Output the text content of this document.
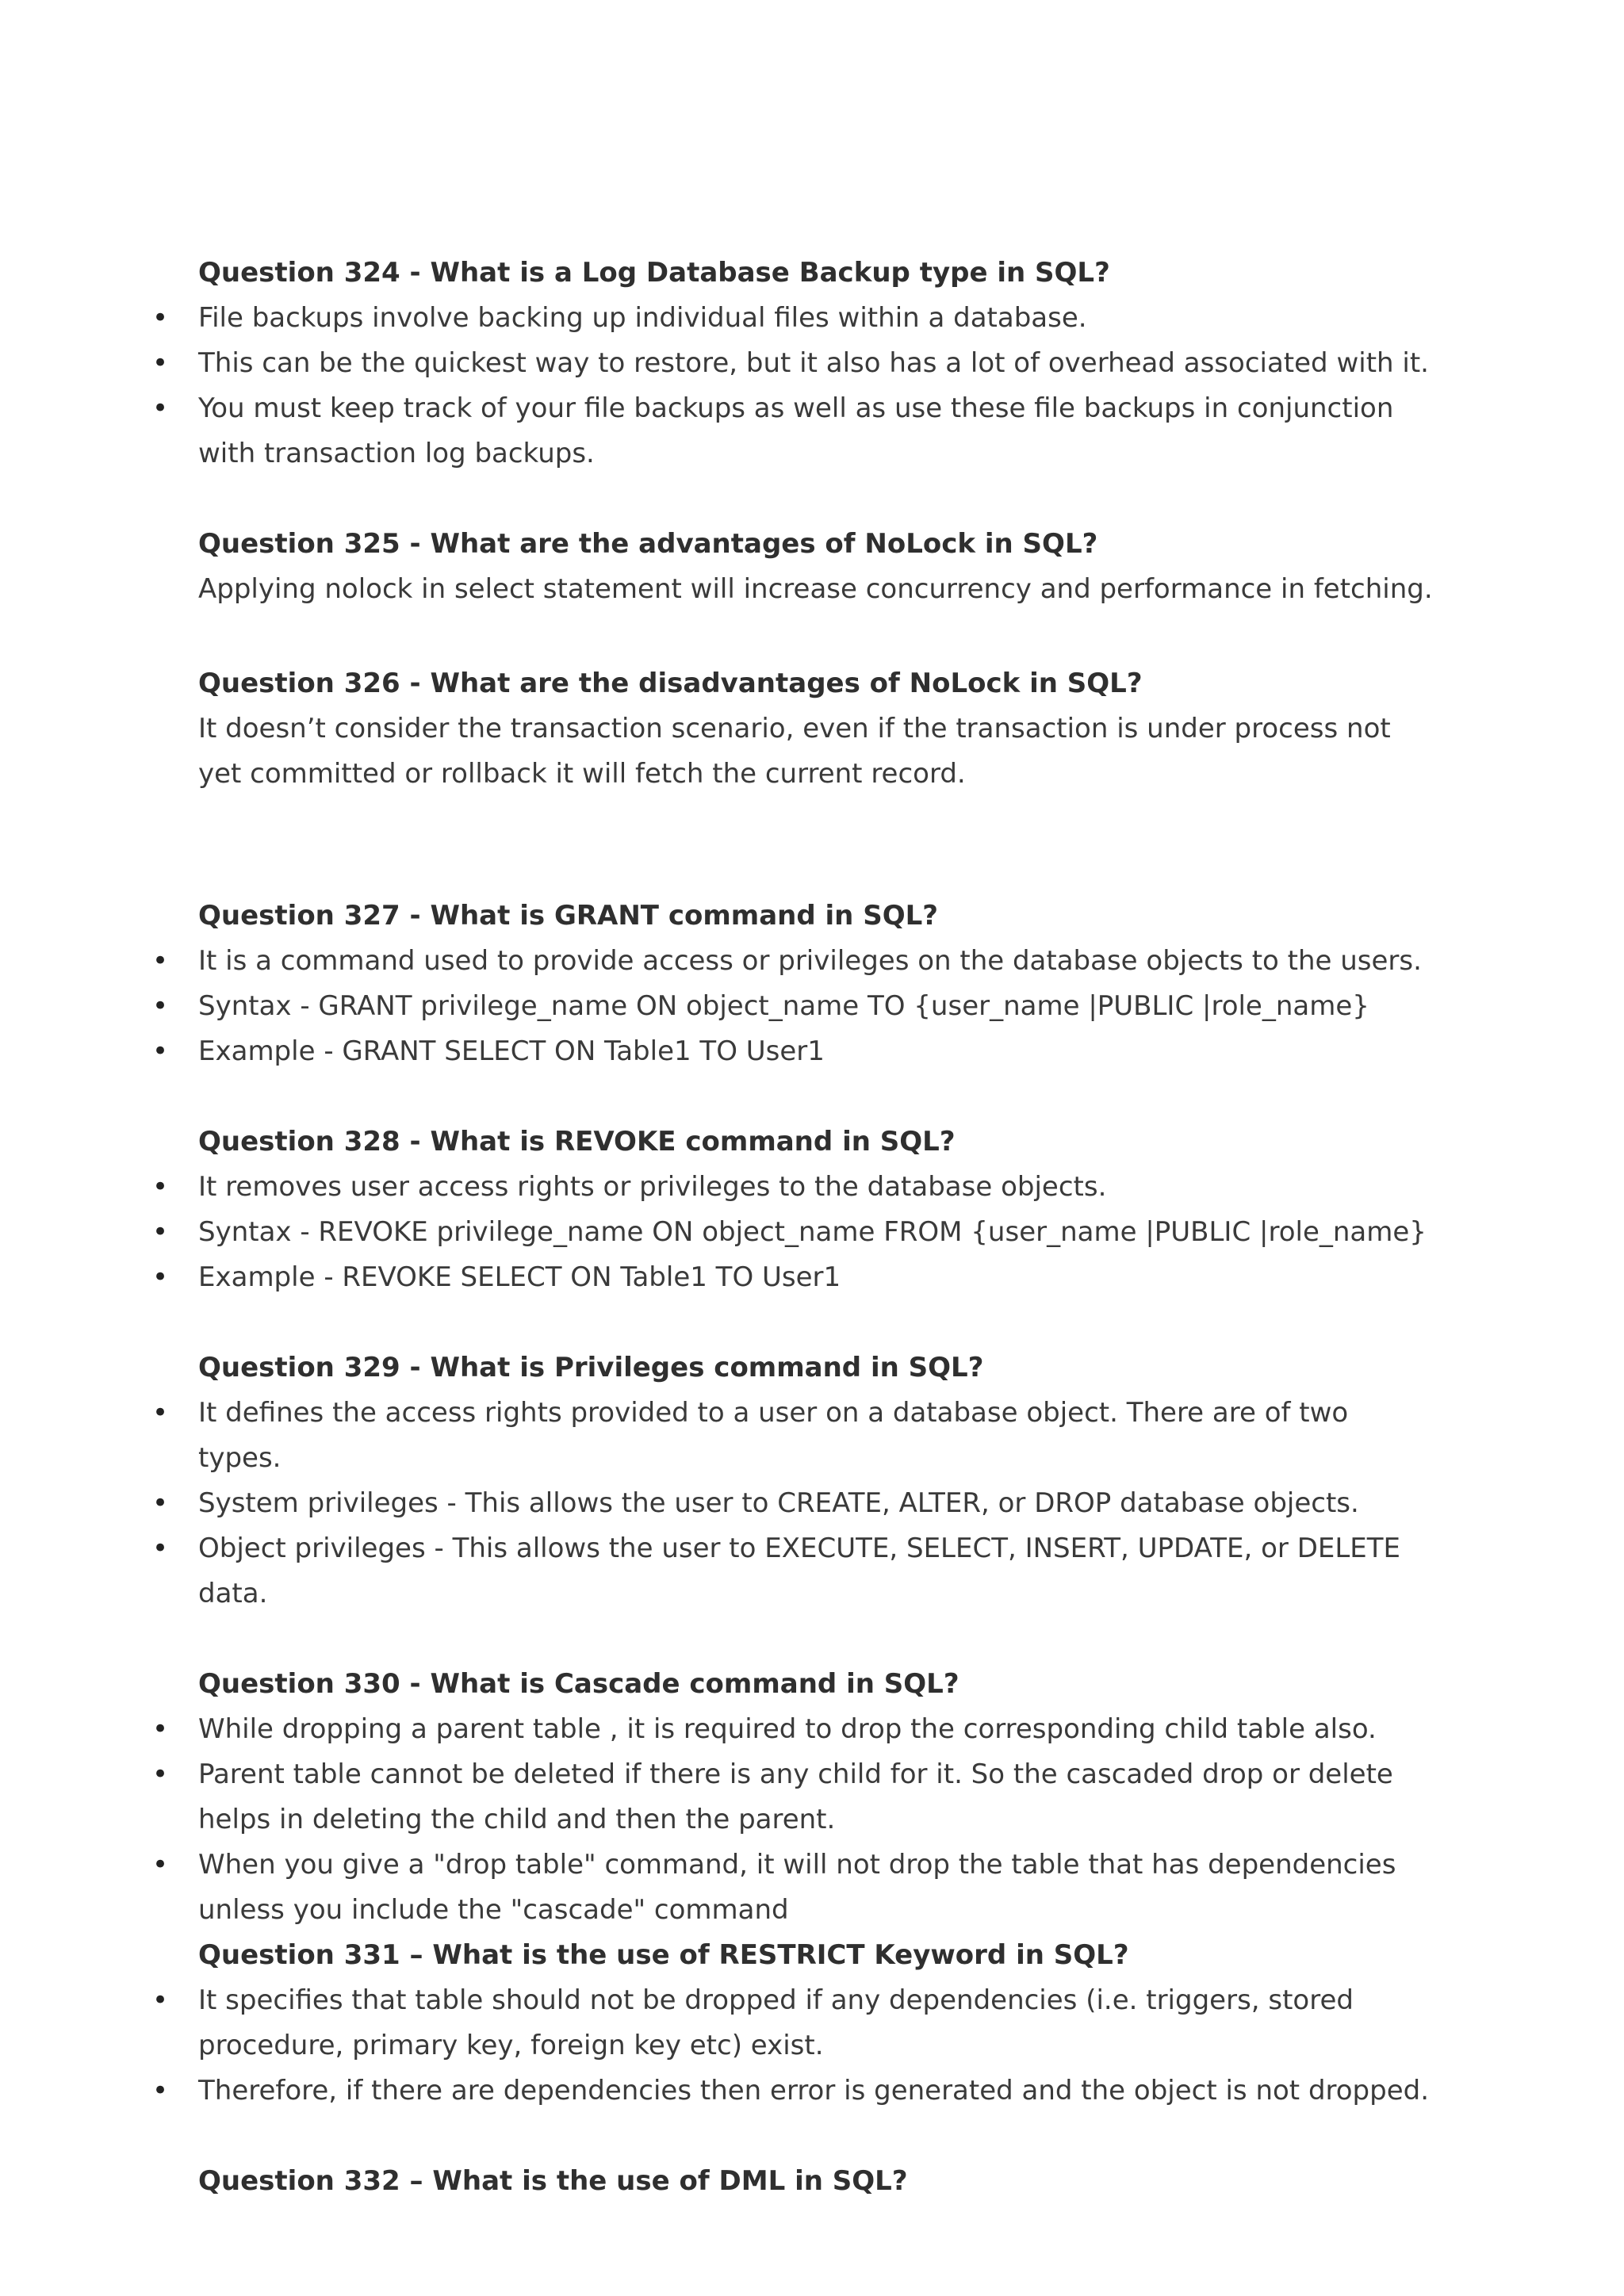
Question 324 - What is a Log Database Backup type in SQL?

• File backups involve backing up individual files within a database.
• This can be the quickest way to restore, but it also has a lot of overhead associated with it.
• You must keep track of your file backups as well as use these file backups in conjunction with transaction log backups.

Question 325 - What are the advantages of NoLock in SQL?

Applying nolock in select statement will increase concurrency and performance in fetching.

Question 326 - What are the disadvantages of NoLock in SQL?

It doesn’t consider the transaction scenario, even if the transaction is under process not yet committed or rollback it will fetch the current record.

Question 327 - What is GRANT command in SQL?

• It is a command used to provide access or privileges on the database objects to the users.
• Syntax - GRANT privilege_name ON object_name TO {user_name |PUBLIC |role_name}
• Example - GRANT SELECT ON Table1 TO User1

Question 328 - What is REVOKE command in SQL?

• It removes user access rights or privileges to the database objects.
• Syntax - REVOKE privilege_name ON object_name FROM {user_name |PUBLIC |role_name}
• Example - REVOKE SELECT ON Table1 TO User1

Question 329 - What is Privileges command in SQL?

• It defines the access rights provided to a user on a database object. There are of two types.
• System privileges - This allows the user to CREATE, ALTER, or DROP database objects.
• Object privileges - This allows the user to EXECUTE, SELECT, INSERT, UPDATE, or DELETE data.

Question 330 - What is Cascade command in SQL?

• While dropping a parent table , it is required to drop the corresponding child table also.
• Parent table cannot be deleted if there is any child for it. So the cascaded drop or delete helps in deleting the child and then the parent.
• When you give a "drop table" command, it will not drop the table that has dependencies unless you include the "cascade" command

Question 331 – What is the use of RESTRICT Keyword in SQL?

• It specifies that table should not be dropped if any dependencies (i.e. triggers, stored procedure, primary key, foreign key etc) exist.
• Therefore, if there are dependencies then error is generated and the object is not dropped.

Question 332 – What is the use of DML in SQL?
